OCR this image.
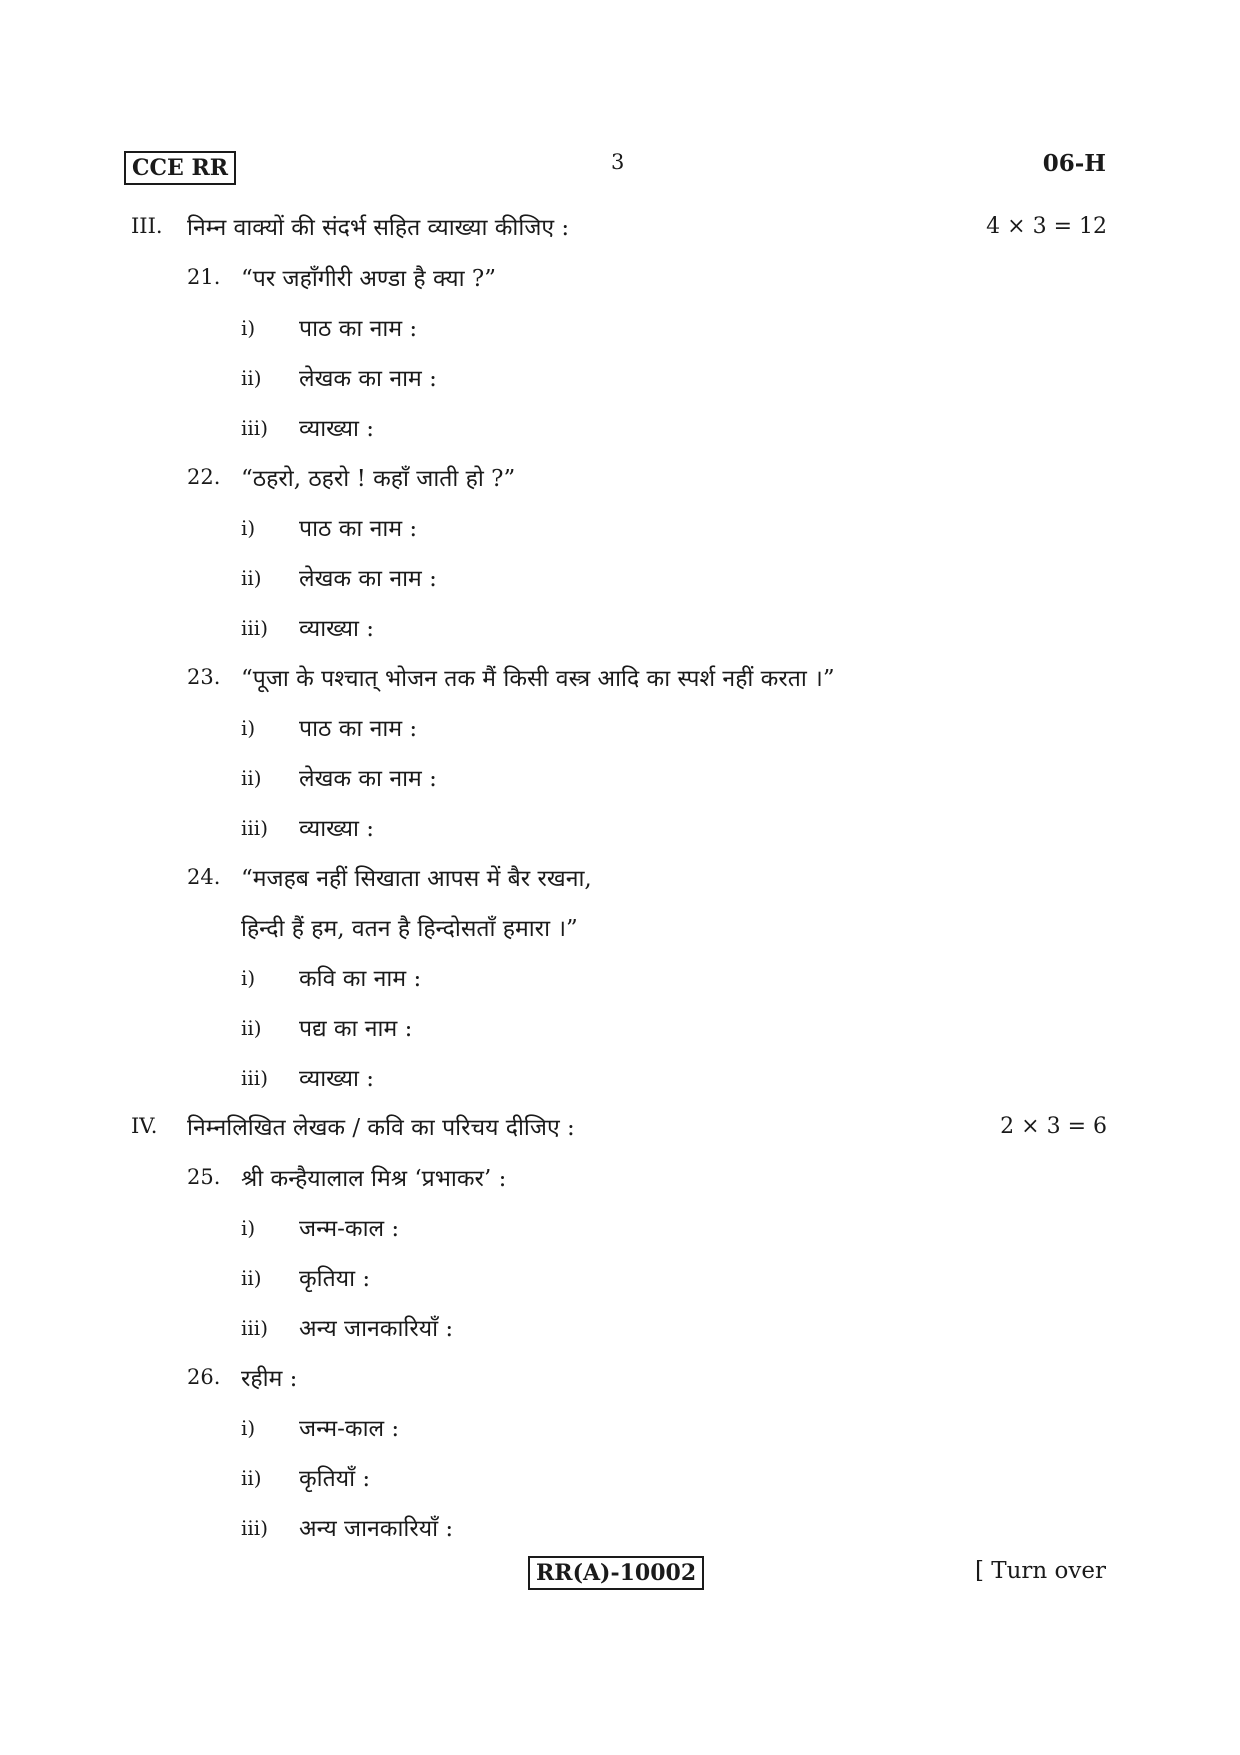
CCE RR	3	06-H
III. निम्न वाक्यों की संदर्भ सहित व्याख्या कीजिए :	4 × 3 = 12
21. “पर जहाँगीरी अण्डा है क्या ?”
i) पाठ का नाम :
ii) लेखक का नाम :
iii) व्याख्या :
22. “ठहरो, ठहरो ! कहाँ जाती हो ?”
i) पाठ का नाम :
ii) लेखक का नाम :
iii) व्याख्या :
23. “पूजा के पश्चात् भोजन तक मैं किसी वस्त्र आदि का स्पर्श नहीं करता ।”
i) पाठ का नाम :
ii) लेखक का नाम :
iii) व्याख्या :
24. “मजहब नहीं सिखाता आपस में बैर रखना,
हिन्दी हैं हम, वतन है हिन्दोसताँ हमारा ।”
i) कवि का नाम :
ii) पद्य का नाम :
iii) व्याख्या :
IV. निम्नलिखित लेखक / कवि का परिचय दीजिए :	2 × 3 = 6
25. श्री कन्हैयालाल मिश्र ‘प्रभाकर’ :
i) जन्म-काल :
ii) कृतिया :
iii) अन्य जानकारियाँ :
26. रहीम :
i) जन्म-काल :
ii) कृतियाँ :
iii) अन्य जानकारियाँ :
RR(A)-10002	[ Turn over
